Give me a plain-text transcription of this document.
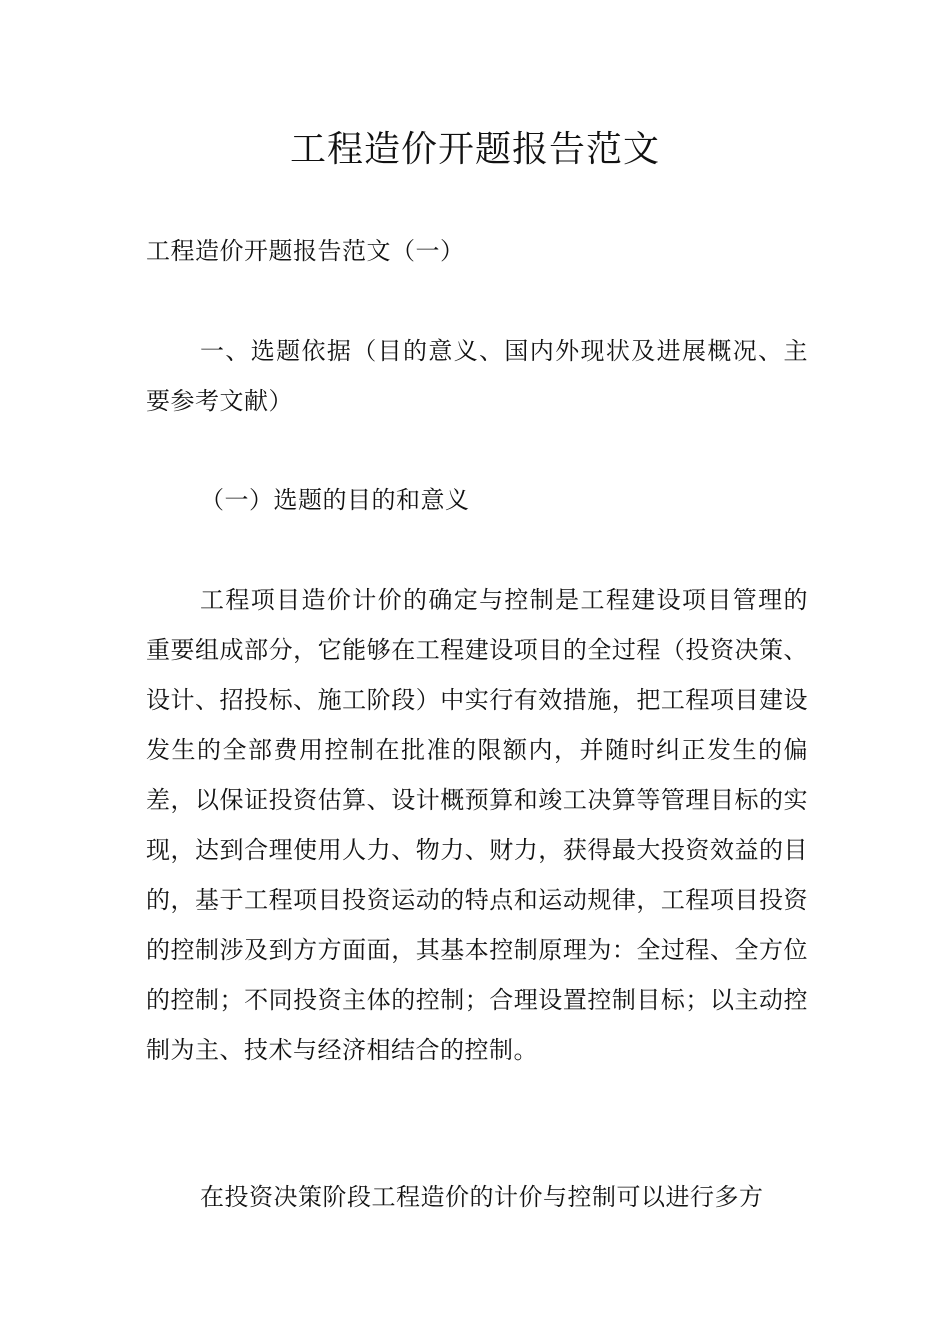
工程造价开题报告范文

工程造价开题报告范文（一）

一、选题依据（目的意义、国内外现状及进展概况、主要参考文献）

（一）选题的目的和意义

工程项目造价计价的确定与控制是工程建设项目管理的重要组成部分，它能够在工程建设项目的全过程（投资决策、设计、招投标、施工阶段）中实行有效措施，把工程项目建设发生的全部费用控制在批准的限额内，并随时纠正发生的偏差，以保证投资估算、设计概预算和竣工决算等管理目标的实现，达到合理使用人力、物力、财力，获得最大投资效益的目的，基于工程项目投资运动的特点和运动规律，工程项目投资的控制涉及到方方面面，其基本控制原理为：全过程、全方位的控制；不同投资主体的控制；合理设置控制目标；以主动控制为主、技术与经济相结合的控制。

在投资决策阶段工程造价的计价与控制可以进行多方
